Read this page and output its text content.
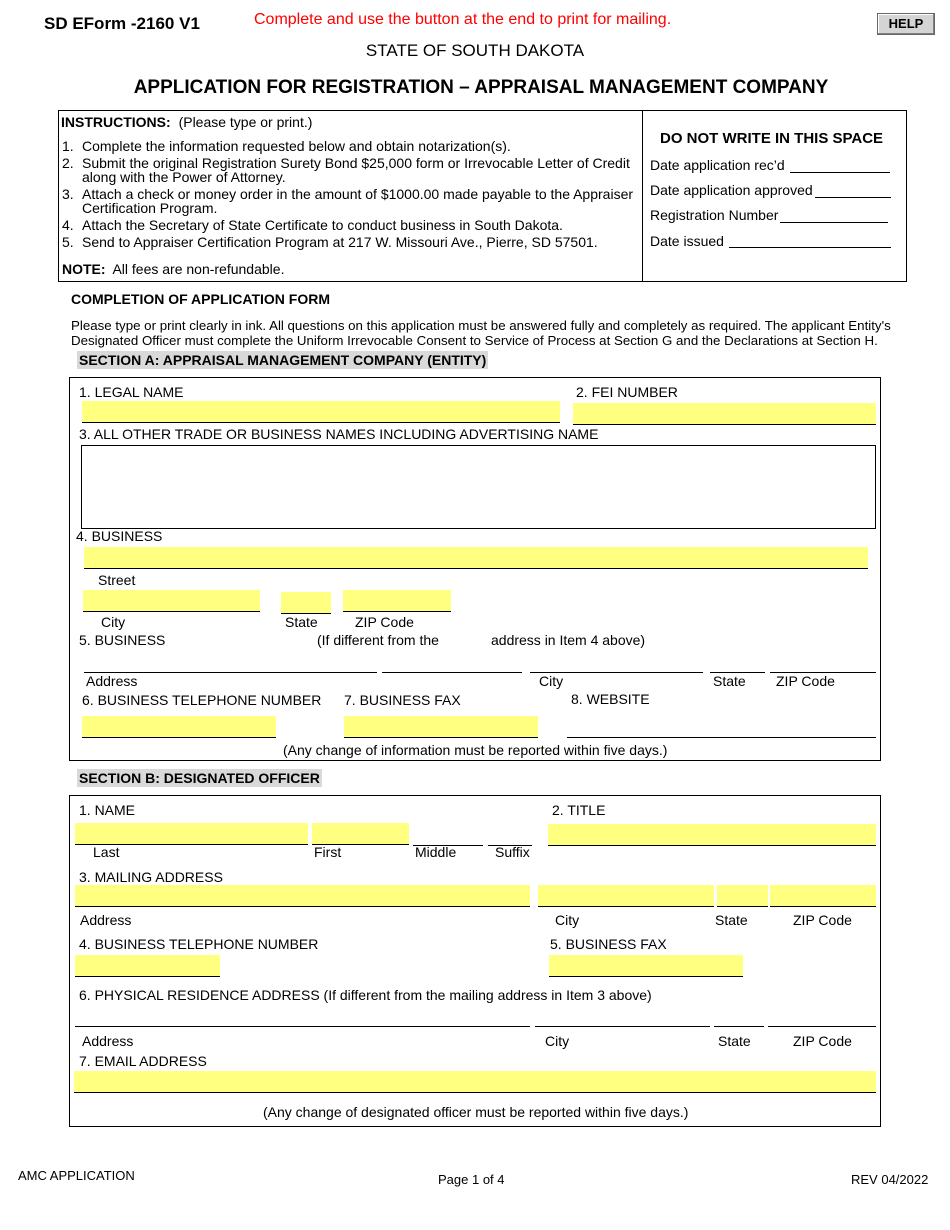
SD EForm -2160 V1	Complete and use the button at the end to print for mailing.	HELP
STATE OF SOUTH DAKOTA
APPLICATION FOR REGISTRATION – APPRAISAL MANAGEMENT COMPANY
INSTRUCTIONS: (Please type or print.)
1. Complete the information requested below and obtain notarization(s).
2. Submit the original Registration Surety Bond $25,000 form or Irrevocable Letter of Credit along with the Power of Attorney.
3. Attach a check or money order in the amount of $1000.00 made payable to the Appraiser Certification Program.
4. Attach the Secretary of State Certificate to conduct business in South Dakota.
5. Send to Appraiser Certification Program at 217 W. Missouri Ave., Pierre, SD 57501.
NOTE: All fees are non-refundable.
DO NOT WRITE IN THIS SPACE
Date application rec’d
Date application approved
Registration Number
Date issued
COMPLETION OF APPLICATION FORM
Please type or print clearly in ink. All questions on this application must be answered fully and completely as required. The applicant Entity's
Designated Officer must complete the Uniform Irrevocable Consent to Service of Process at Section G and the Declarations at Section H.
SECTION A: APPRAISAL MANAGEMENT COMPANY (ENTITY)
1. LEGAL NAME	2. FEI NUMBER
3. ALL OTHER TRADE OR BUSINESS NAMES INCLUDING ADVERTISING NAME
4. BUSINESS
Street
City	State	ZIP Code
5. BUSINESS	(If different from the	address in Item 4 above)
Address	City	State ZIP Code
6. BUSINESS TELEPHONE NUMBER 7. BUSINESS FAX	8. WEBSITE
(Any change of information must be reported within five days.)
SECTION B: DESIGNATED OFFICER
1. NAME	2. TITLE
Last	First	Middle	Suffix
3. MAILING ADDRESS
Address	City	State	ZIP Code
4. BUSINESS TELEPHONE NUMBER	5. BUSINESS FAX
6. PHYSICAL RESIDENCE ADDRESS (If different from the mailing address in Item 3 above)
Address	City	State	ZIP Code
7. EMAIL ADDRESS
(Any change of designated officer must be reported within five days.)
AMC APPLICATION	Page 1 of 4	REV 04/2022
